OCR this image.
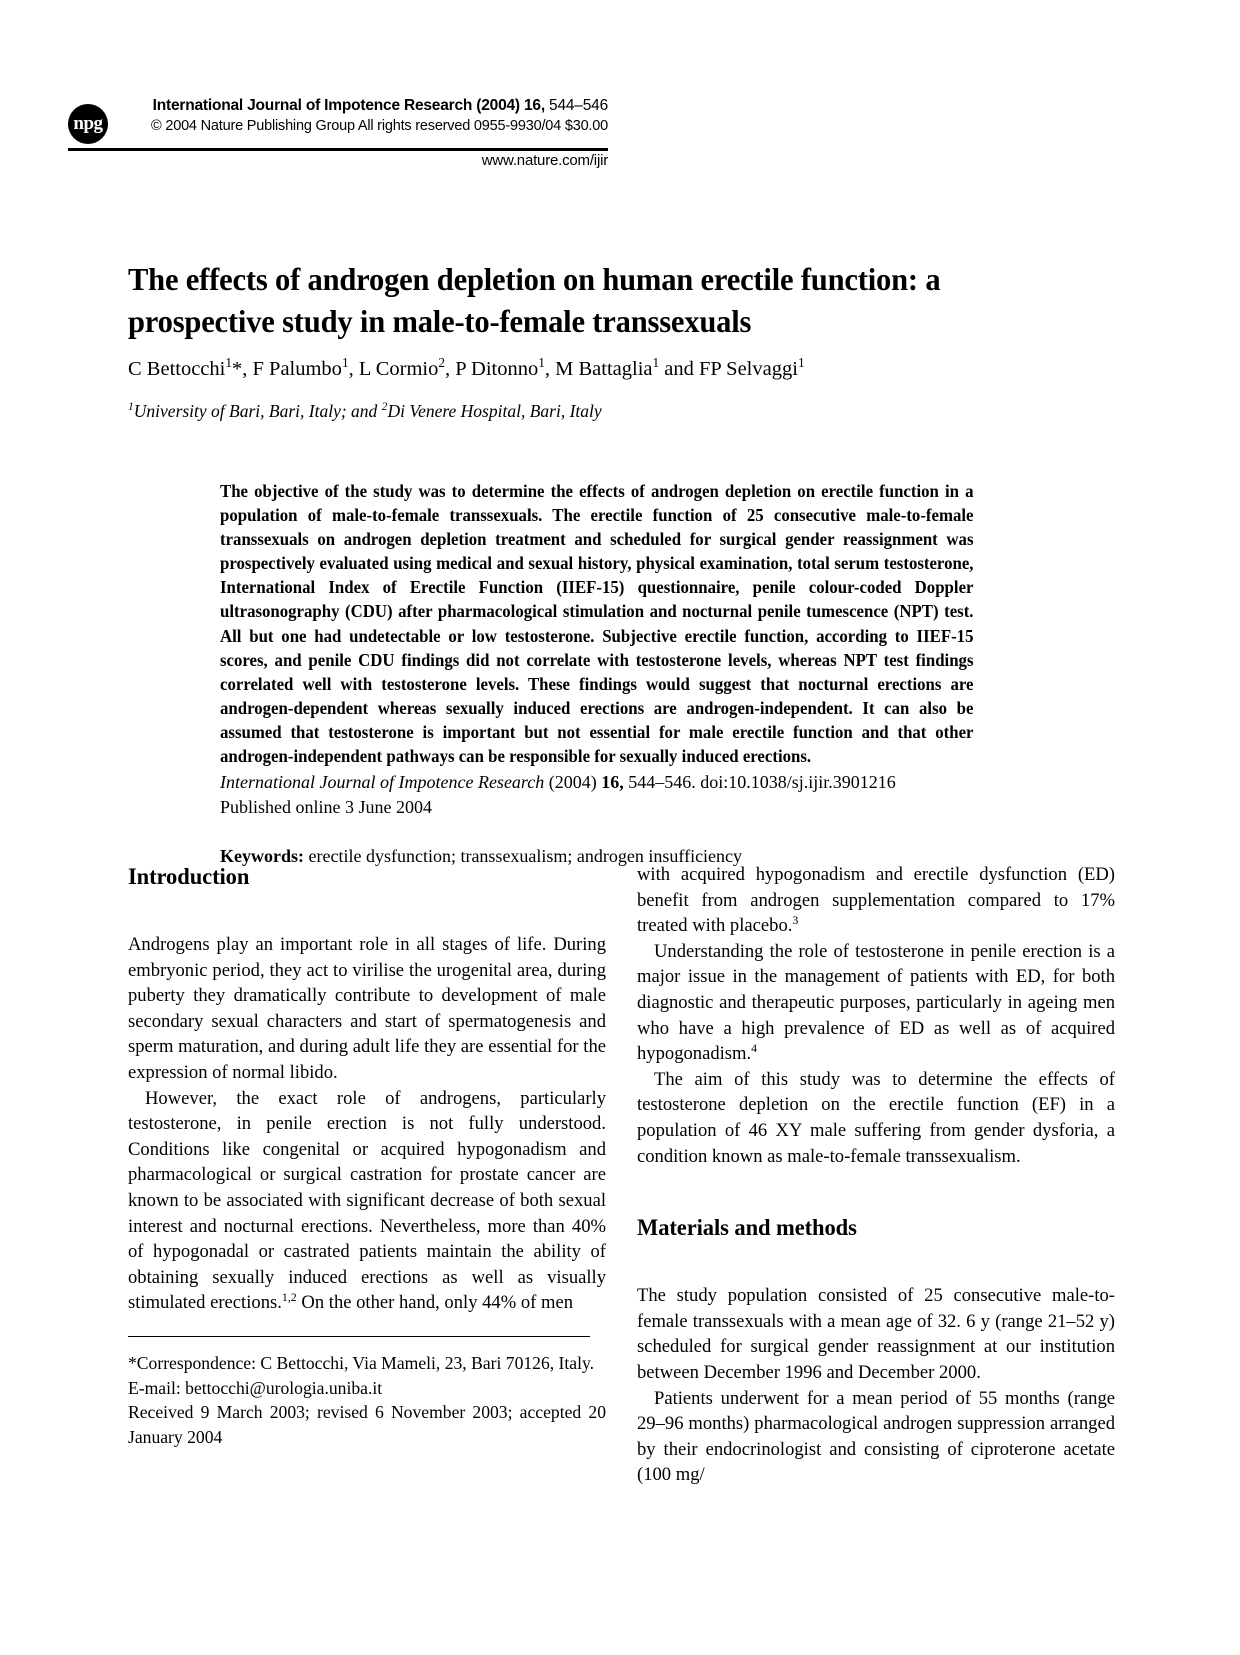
npg
International Journal of Impotence Research (2004) 16, 544–546
© 2004 Nature Publishing Group All rights reserved 0955-9930/04 $30.00
www.nature.com/ijir
The effects of androgen depletion on human erectile function: a prospective study in male-to-female transsexuals
C Bettocchi$^1$*, F Palumbo$^1$, L Cormio$^2$, P Ditonno$^1$, M Battaglia$^1$ and FP Selvaggi$^1$
$^1$University of Bari, Bari, Italy; and $^2$Di Venere Hospital, Bari, Italy
The objective of the study was to determine the effects of androgen depletion on erectile function in a population of male-to-female transsexuals. The erectile function of 25 consecutive male-to-female transsexuals on androgen depletion treatment and scheduled for surgical gender reassignment was prospectively evaluated using medical and sexual history, physical examination, total serum testosterone, International Index of Erectile Function (IIEF-15) questionnaire, penile colour-coded Doppler ultrasonography (CDU) after pharmacological stimulation and nocturnal penile tumescence (NPT) test. All but one had undetectable or low testosterone. Subjective erectile function, according to IIEF-15 scores, and penile CDU findings did not correlate with testosterone levels, whereas NPT test findings correlated well with testosterone levels. These findings would suggest that nocturnal erections are androgen-dependent whereas sexually induced erections are androgen-independent. It can also be assumed that testosterone is important but not essential for male erectile function and that other androgen-independent pathways can be responsible for sexually induced erections.
International Journal of Impotence Research (2004) 16, 544–546. doi:10.1038/sj.ijir.3901216
Published online 3 June 2004
Keywords: erectile dysfunction; transsexualism; androgen insufficiency
Introduction

Androgens play an important role in all stages of life. During embryonic period, they act to virilise the urogenital area, during puberty they dramatically contribute to development of male secondary sexual characters and start of spermatogenesis and sperm maturation, and during adult life they are essential for the expression of normal libido.

However, the exact role of androgens, particularly testosterone, in penile erection is not fully understood. Conditions like congenital or acquired hypogonadism and pharmacological or surgical castration for prostate cancer are known to be associated with significant decrease of both sexual interest and nocturnal erections. Nevertheless, more than 40% of hypogonadal or castrated patients maintain the ability of obtaining sexually induced erections as well as visually stimulated erections.$^{1,2}$ On the other hand, only 44% of men

with acquired hypogonadism and erectile dysfunction (ED) benefit from androgen supplementation compared to 17% treated with placebo.$^3$

Understanding the role of testosterone in penile erection is a major issue in the management of patients with ED, for both diagnostic and therapeutic purposes, particularly in ageing men who have a high prevalence of ED as well as of acquired hypogonadism.$^4$

The aim of this study was to determine the effects of testosterone depletion on the erectile function (EF) in a population of 46 XY male suffering from gender dysforia, a condition known as male-to-female transsexualism.

Materials and methods

The study population consisted of 25 consecutive male-to-female transsexuals with a mean age of 32. 6 y (range 21–52 y) scheduled for surgical gender reassignment at our institution between December 1996 and December 2000.

Patients underwent for a mean period of 55 months (range 29–96 months) pharmacological androgen suppression arranged by their endocrinologist and consisting of ciproterone acetate (100 mg/

*Correspondence: C Bettocchi, Via Mameli, 23, Bari 70126, Italy.

E-mail: bettocchi@urologia.uniba.it

Received 9 March 2003; revised 6 November 2003; accepted 20 January 2004
